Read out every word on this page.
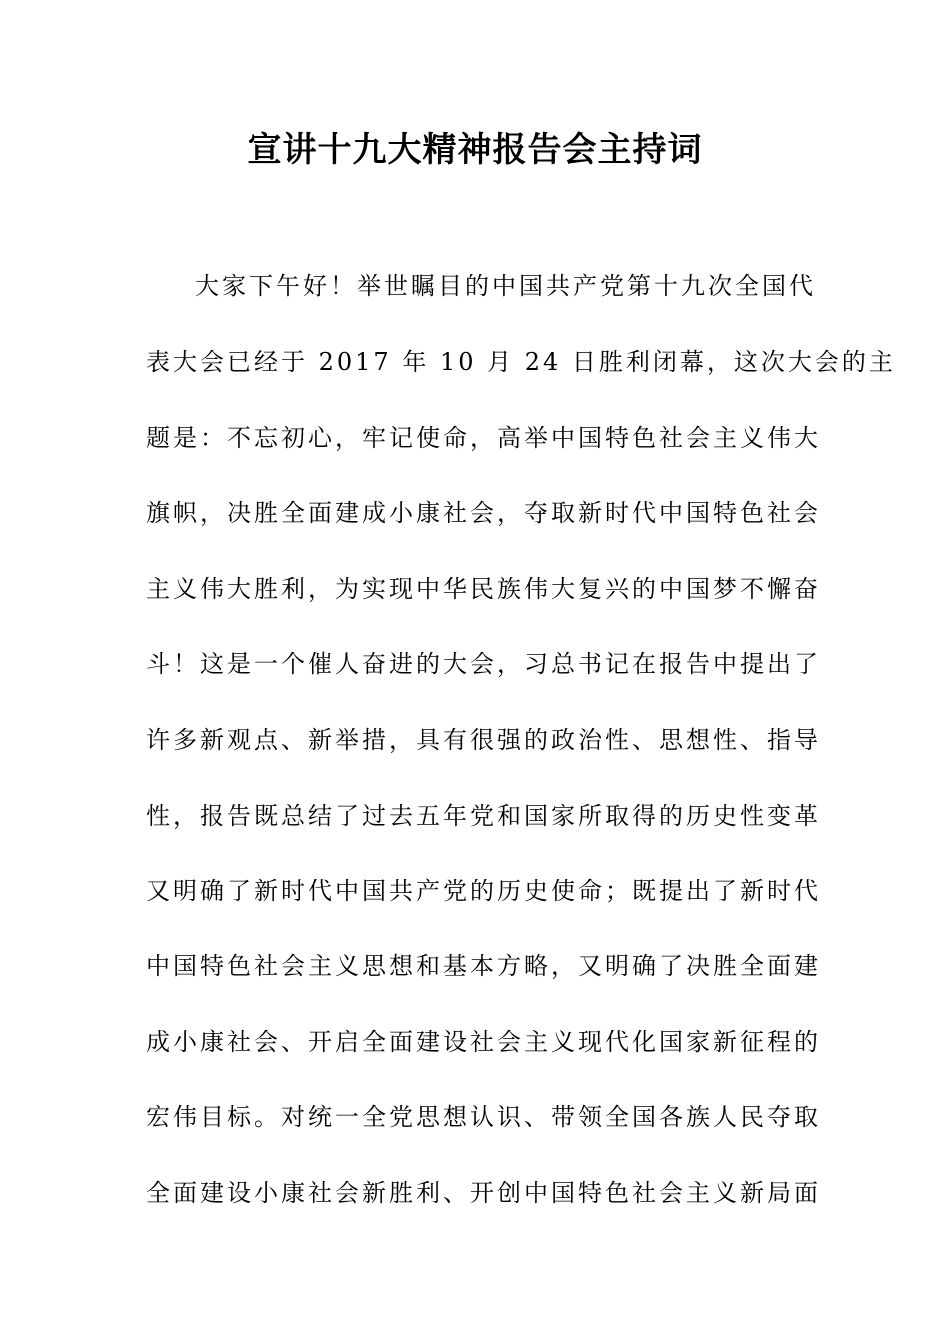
宣讲十九大精神报告会主持词
大家下午好！举世瞩目的中国共产党第十九次全国代
表大会已经于 2017 年 10 月 24 日胜利闭幕，这次大会的主
题是：不忘初心，牢记使命，高举中国特色社会主义伟大
旗帜，决胜全面建成小康社会，夺取新时代中国特色社会
主义伟大胜利，为实现中华民族伟大复兴的中国梦不懈奋
斗！这是一个催人奋进的大会，习总书记在报告中提出了
许多新观点、新举措，具有很强的政治性、思想性、指导
性，报告既总结了过去五年党和国家所取得的历史性变革
又明确了新时代中国共产党的历史使命；既提出了新时代
中国特色社会主义思想和基本方略，又明确了决胜全面建
成小康社会、开启全面建设社会主义现代化国家新征程的
宏伟目标。对统一全党思想认识、带领全国各族人民夺取
全面建设小康社会新胜利、开创中国特色社会主义新局面
